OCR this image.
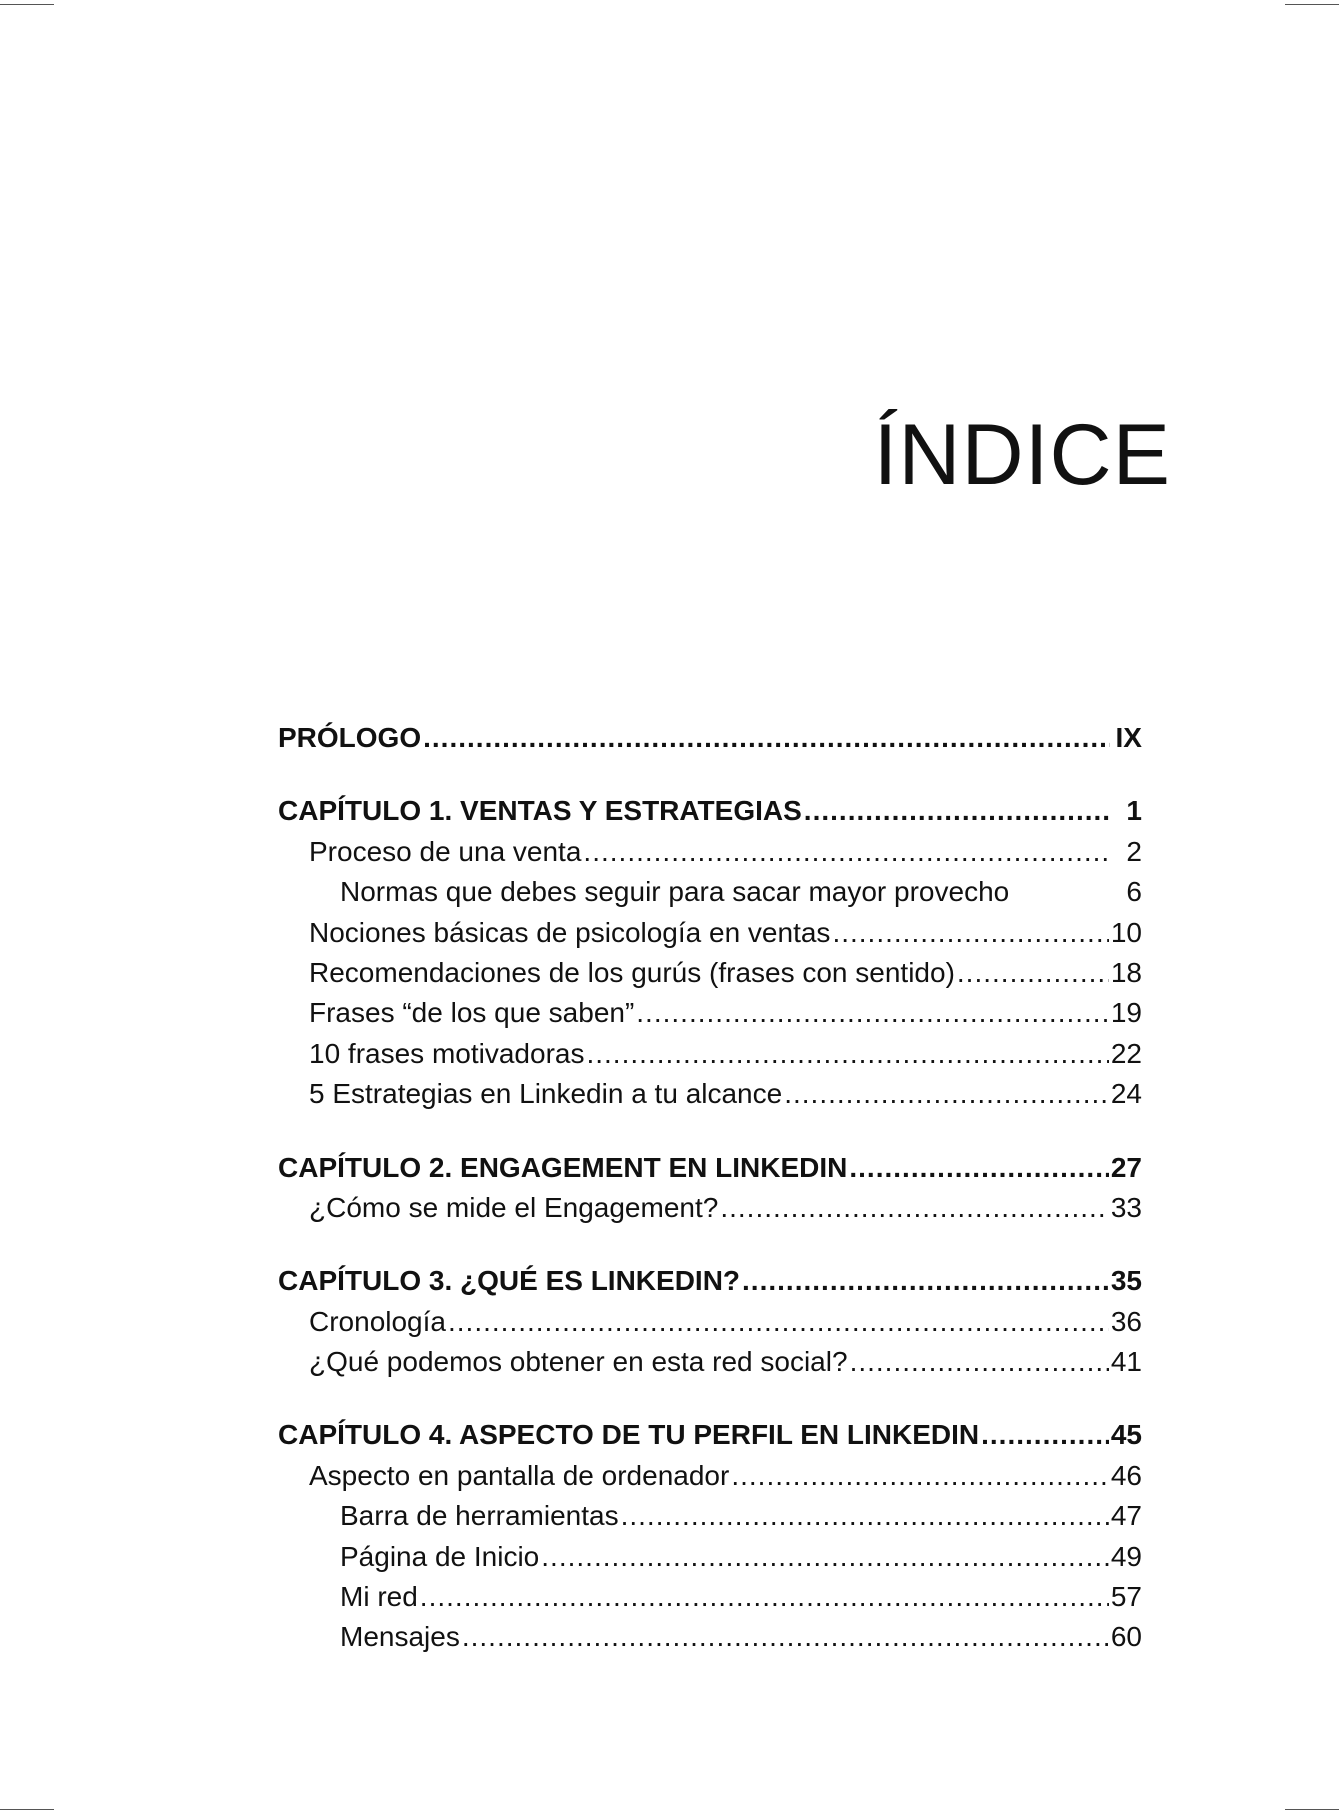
ÍNDICE
PRÓLOGO .....	IX
CAPÍTULO 1. VENTAS Y ESTRATEGIAS .....	1
Proceso de una venta .....	2
Normas que debes seguir para sacar mayor provecho	6
Nociones básicas de psicología en ventas .....	10
Recomendaciones de los gurús (frases con sentido) .....	18
Frases “de los que saben” .....	19
10 frases motivadoras .....	22
5 Estrategias en Linkedin a tu alcance .....	24
CAPÍTULO 2. ENGAGEMENT EN LINKEDIN .....	27
¿Cómo se mide el Engagement? .....	33
CAPÍTULO 3. ¿QUÉ ES LINKEDIN? .....	35
Cronología .....	36
¿Qué podemos obtener en esta red social? .....	41
CAPÍTULO 4. ASPECTO DE TU PERFIL EN LINKEDIN .....	45
Aspecto en pantalla de ordenador .....	46
Barra de herramientas .....	47
Página de Inicio .....	49
Mi red .....	57
Mensajes .....	60
